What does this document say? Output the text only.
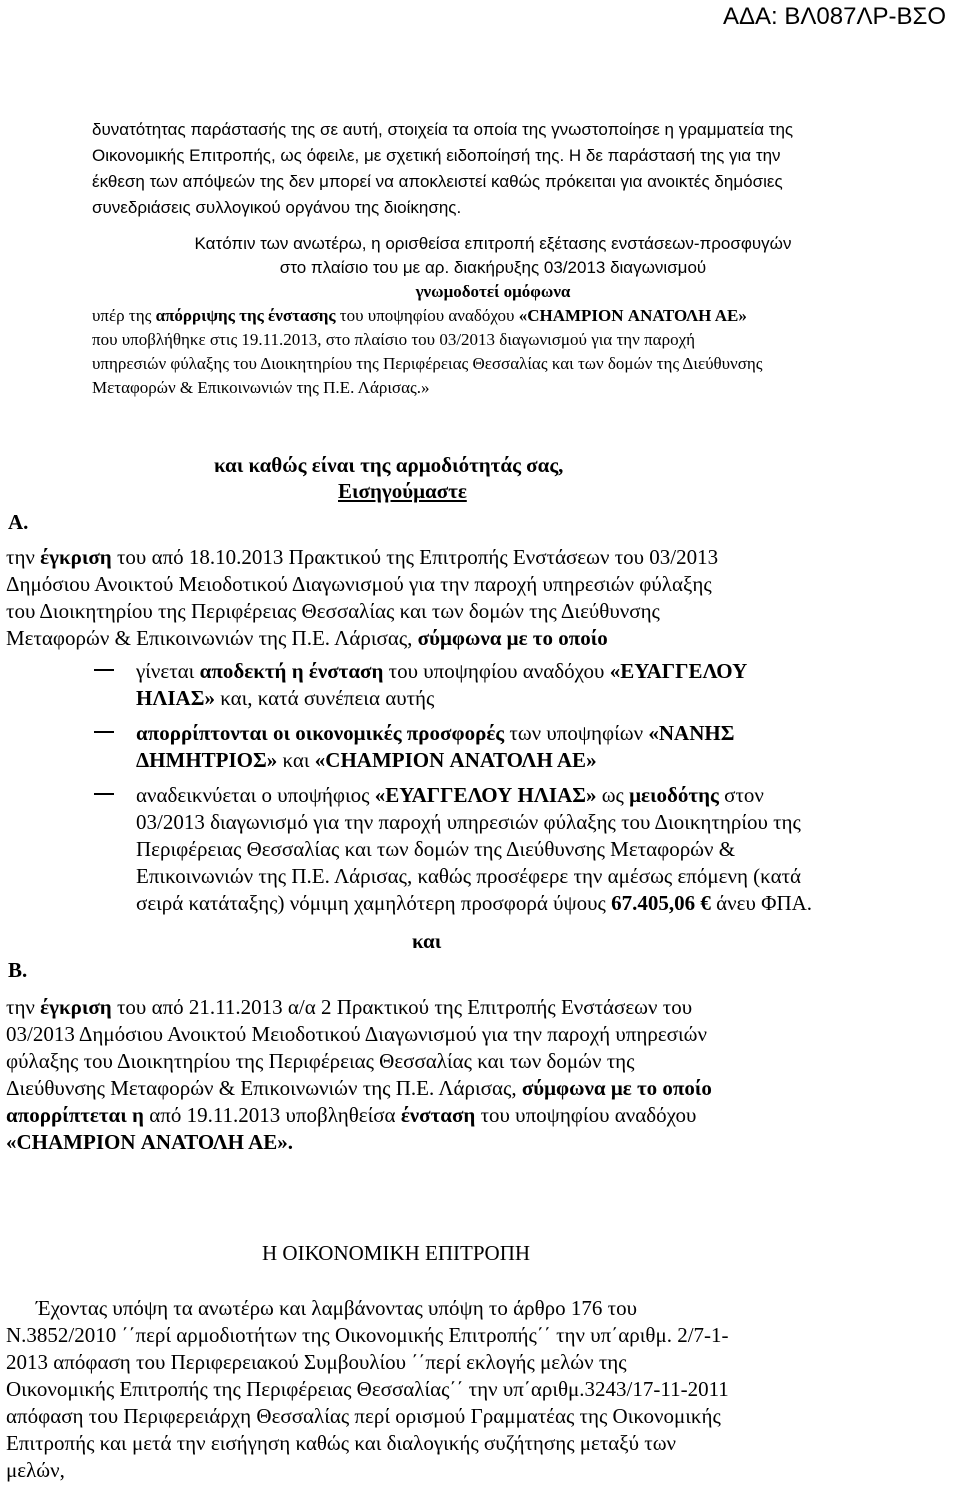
ΑΔΑ: ΒΛ087ΛΡ-ΒΣΟ
δυνατότητας παράστασής της σε αυτή, στοιχεία τα οποία της γνωστοποίησε η γραμματεία της
Οικονομικής Επιτροπής, ως όφειλε, με σχετική ειδοποίησή της. Η δε παράστασή της για την
έκθεση των απόψεών της δεν μπορεί να αποκλειστεί καθώς πρόκειται για ανοικτές δημόσιες
συνεδριάσεις συλλογικού οργάνου της διοίκησης.
Κατόπιν των ανωτέρω, η ορισθείσα επιτροπή εξέτασης ενστάσεων-προσφυγών
στο πλαίσιο του με αρ. διακήρυξης 03/2013 διαγωνισμού
γνωμοδοτεί ομόφωνα
υπέρ της απόρριψης της ένστασης του υποψηφίου αναδόχου «CHAMPION ΑΝΑΤΟΛΗ ΑΕ»
που υποβλήθηκε στις 19.11.2013, στο πλαίσιο του 03/2013 διαγωνισμού για την παροχή
υπηρεσιών φύλαξης του Διοικητηρίου της Περιφέρειας Θεσσαλίας και των δομών της Διεύθυνσης
Μεταφορών & Επικοινωνιών της Π.Ε. Λάρισας.»
και καθώς είναι της αρμοδιότητάς σας,
Εισηγούμαστε
Α.
την έγκριση του από 18.10.2013 Πρακτικού της Επιτροπής Ενστάσεων του 03/2013
Δημόσιου Ανοικτού Μειοδοτικού Διαγωνισμού για την παροχή υπηρεσιών φύλαξης
του Διοικητηρίου της Περιφέρειας Θεσσαλίας και των δομών της Διεύθυνσης
Μεταφορών & Επικοινωνιών της Π.Ε. Λάρισας, σύμφωνα με το οποίο
γίνεται αποδεκτή η ένσταση του υποψηφίου αναδόχου «ΕΥΑΓΓΕΛΟΥ
ΗΛΙΑΣ» και, κατά συνέπεια αυτής
απορρίπτονται οι οικονομικές προσφορές των υποψηφίων «ΝΑΝΗΣ
ΔΗΜΗΤΡΙΟΣ» και «CHAMPION ΑΝΑΤΟΛΗ ΑΕ»
αναδεικνύεται ο υποψήφιος «ΕΥΑΓΓΕΛΟΥ ΗΛΙΑΣ» ως μειοδότης στον
03/2013 διαγωνισμό για την παροχή υπηρεσιών φύλαξης του Διοικητηρίου της
Περιφέρειας Θεσσαλίας και των δομών της Διεύθυνσης Μεταφορών &
Επικοινωνιών της Π.Ε. Λάρισας, καθώς προσέφερε την αμέσως επόμενη (κατά
σειρά κατάταξης) νόμιμη χαμηλότερη προσφορά ύψους 67.405,06 € άνευ ΦΠΑ.
και
Β.
την έγκριση του από 21.11.2013 α/α 2 Πρακτικού της Επιτροπής Ενστάσεων του
03/2013 Δημόσιου Ανοικτού Μειοδοτικού Διαγωνισμού για την παροχή υπηρεσιών
φύλαξης του Διοικητηρίου της Περιφέρειας Θεσσαλίας και των δομών της
Διεύθυνσης Μεταφορών & Επικοινωνιών της Π.Ε. Λάρισας, σύμφωνα με το οποίο
απορρίπτεται η από 19.11.2013 υποβληθείσα ένσταση του υποψηφίου αναδόχου
«CHAMPION ΑΝΑΤΟΛΗ ΑΕ».
Η ΟΙΚΟΝΟΜΙΚΗ ΕΠΙΤΡΟΠΗ
Έχοντας υπόψη τα ανωτέρω και λαμβάνοντας υπόψη το άρθρο 176 του
Ν.3852/2010 ΄΄περί αρμοδιοτήτων της Οικονομικής Επιτροπής΄΄ την υπ΄αριθμ. 2/7-1-
2013 απόφαση του Περιφερειακού Συμβουλίου ΄΄περί εκλογής μελών της
Οικονομικής Επιτροπής της Περιφέρειας Θεσσαλίας΄΄ την υπ΄αριθμ.3243/17-11-2011
απόφαση του Περιφερειάρχη Θεσσαλίας περί ορισμού Γραμματέας της Οικονομικής
Επιτροπής και μετά την εισήγηση καθώς και διαλογικής συζήτησης μεταξύ των
μελών,
